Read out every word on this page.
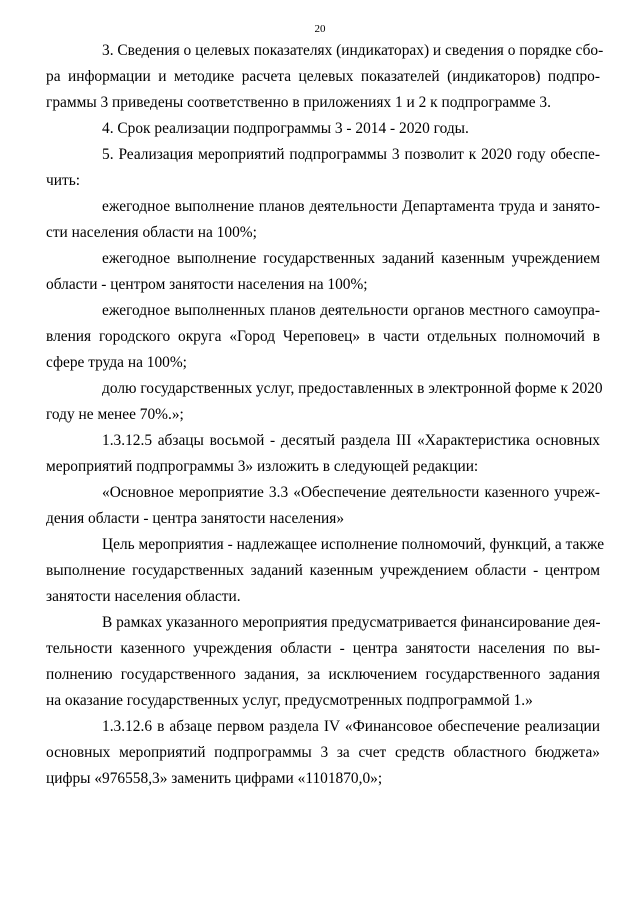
20
3. Сведения о целевых показателях (индикаторах) и сведения о порядке сбо-
ра информации и методике расчета целевых показателей (индикаторов) подпро-
граммы 3 приведены соответственно в приложениях 1 и 2 к подпрограмме 3.
4. Срок реализации подпрограммы 3 - 2014 - 2020 годы.
5. Реализация мероприятий подпрограммы 3 позволит к 2020 году обеспе-
чить:
ежегодное выполнение планов деятельности Департамента труда и занято-
сти населения области на 100%;
ежегодное выполнение государственных заданий казенным учреждением
области - центром занятости населения на 100%;
ежегодное выполненных планов деятельности органов местного самоупра-
вления городского округа «Город Череповец» в части отдельных полномочий в
сфере труда на 100%;
долю государственных услуг, предоставленных в электронной форме к 2020
году не менее 70%.»;
1.3.12.5 абзацы восьмой - десятый раздела III «Характеристика основных
мероприятий подпрограммы 3» изложить в следующей редакции:
«Основное мероприятие 3.3 «Обеспечение деятельности казенного учреж-
дения области - центра занятости населения»
Цель мероприятия - надлежащее исполнение полномочий, функций, а также
выполнение государственных заданий казенным учреждением области - центром
занятости населения области.
В рамках указанного мероприятия предусматривается финансирование дея-
тельности казенного учреждения области - центра занятости населения по вы-
полнению государственного задания, за исключением государственного задания
на оказание государственных услуг, предусмотренных подпрограммой 1.»
1.3.12.6 в абзаце первом раздела IV «Финансовое обеспечение реализации
основных мероприятий подпрограммы 3 за счет средств областного бюджета»
цифры «976558,3» заменить цифрами «1101870,0»;
